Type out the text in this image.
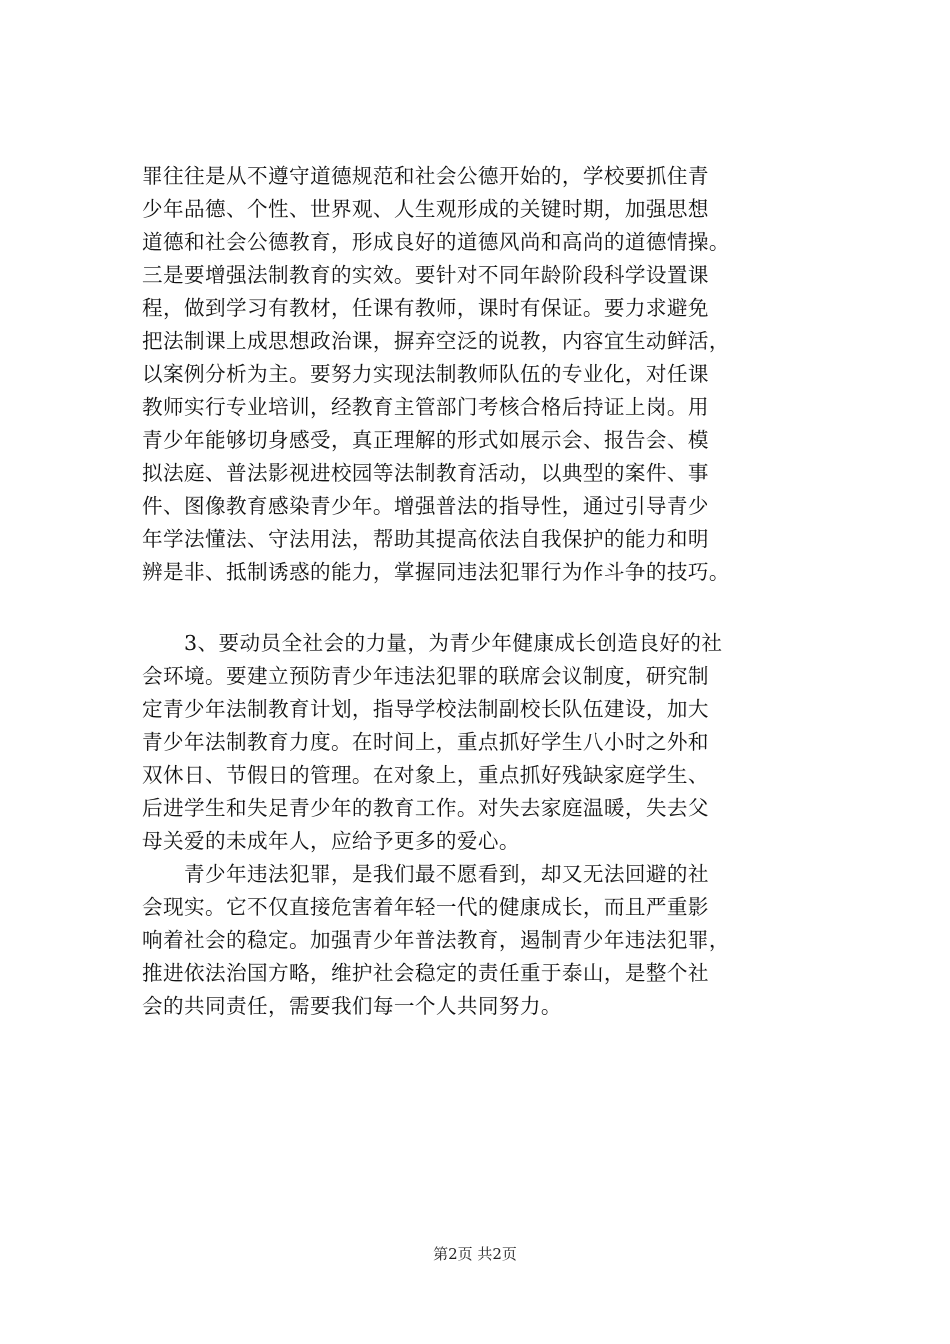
罪往往是从不遵守道德规范和社会公德开始的，学校要抓住青
少年品德、个性、世界观、人生观形成的关键时期，加强思想
道德和社会公德教育，形成良好的道德风尚和高尚的道德情操。
三是要增强法制教育的实效。要针对不同年龄阶段科学设置课
程，做到学习有教材，任课有教师，课时有保证。要力求避免
把法制课上成思想政治课，摒弃空泛的说教，内容宜生动鲜活，
以案例分析为主。要努力实现法制教师队伍的专业化，对任课
教师实行专业培训，经教育主管部门考核合格后持证上岗。用
青少年能够切身感受，真正理解的形式如展示会、报告会、模
拟法庭、普法影视进校园等法制教育活动，以典型的案件、事
件、图像教育感染青少年。增强普法的指导性，通过引导青少
年学法懂法、守法用法，帮助其提高依法自我保护的能力和明
辨是非、抵制诱惑的能力，掌握同违法犯罪行为作斗争的技巧。
　　3、要动员全社会的力量，为青少年健康成长创造良好的社
会环境。要建立预防青少年违法犯罪的联席会议制度，研究制
定青少年法制教育计划，指导学校法制副校长队伍建设，加大
青少年法制教育力度。在时间上，重点抓好学生八小时之外和
双休日、节假日的管理。在对象上，重点抓好残缺家庭学生、
后进学生和失足青少年的教育工作。对失去家庭温暖，失去父
母关爱的未成年人，应给予更多的爱心。
　　青少年违法犯罪，是我们最不愿看到，却又无法回避的社
会现实。它不仅直接危害着年轻一代的健康成长，而且严重影
响着社会的稳定。加强青少年普法教育，遏制青少年违法犯罪，
推进依法治国方略，维护社会稳定的责任重于泰山，是整个社
会的共同责任，需要我们每一个人共同努力。
第2页 共2页
